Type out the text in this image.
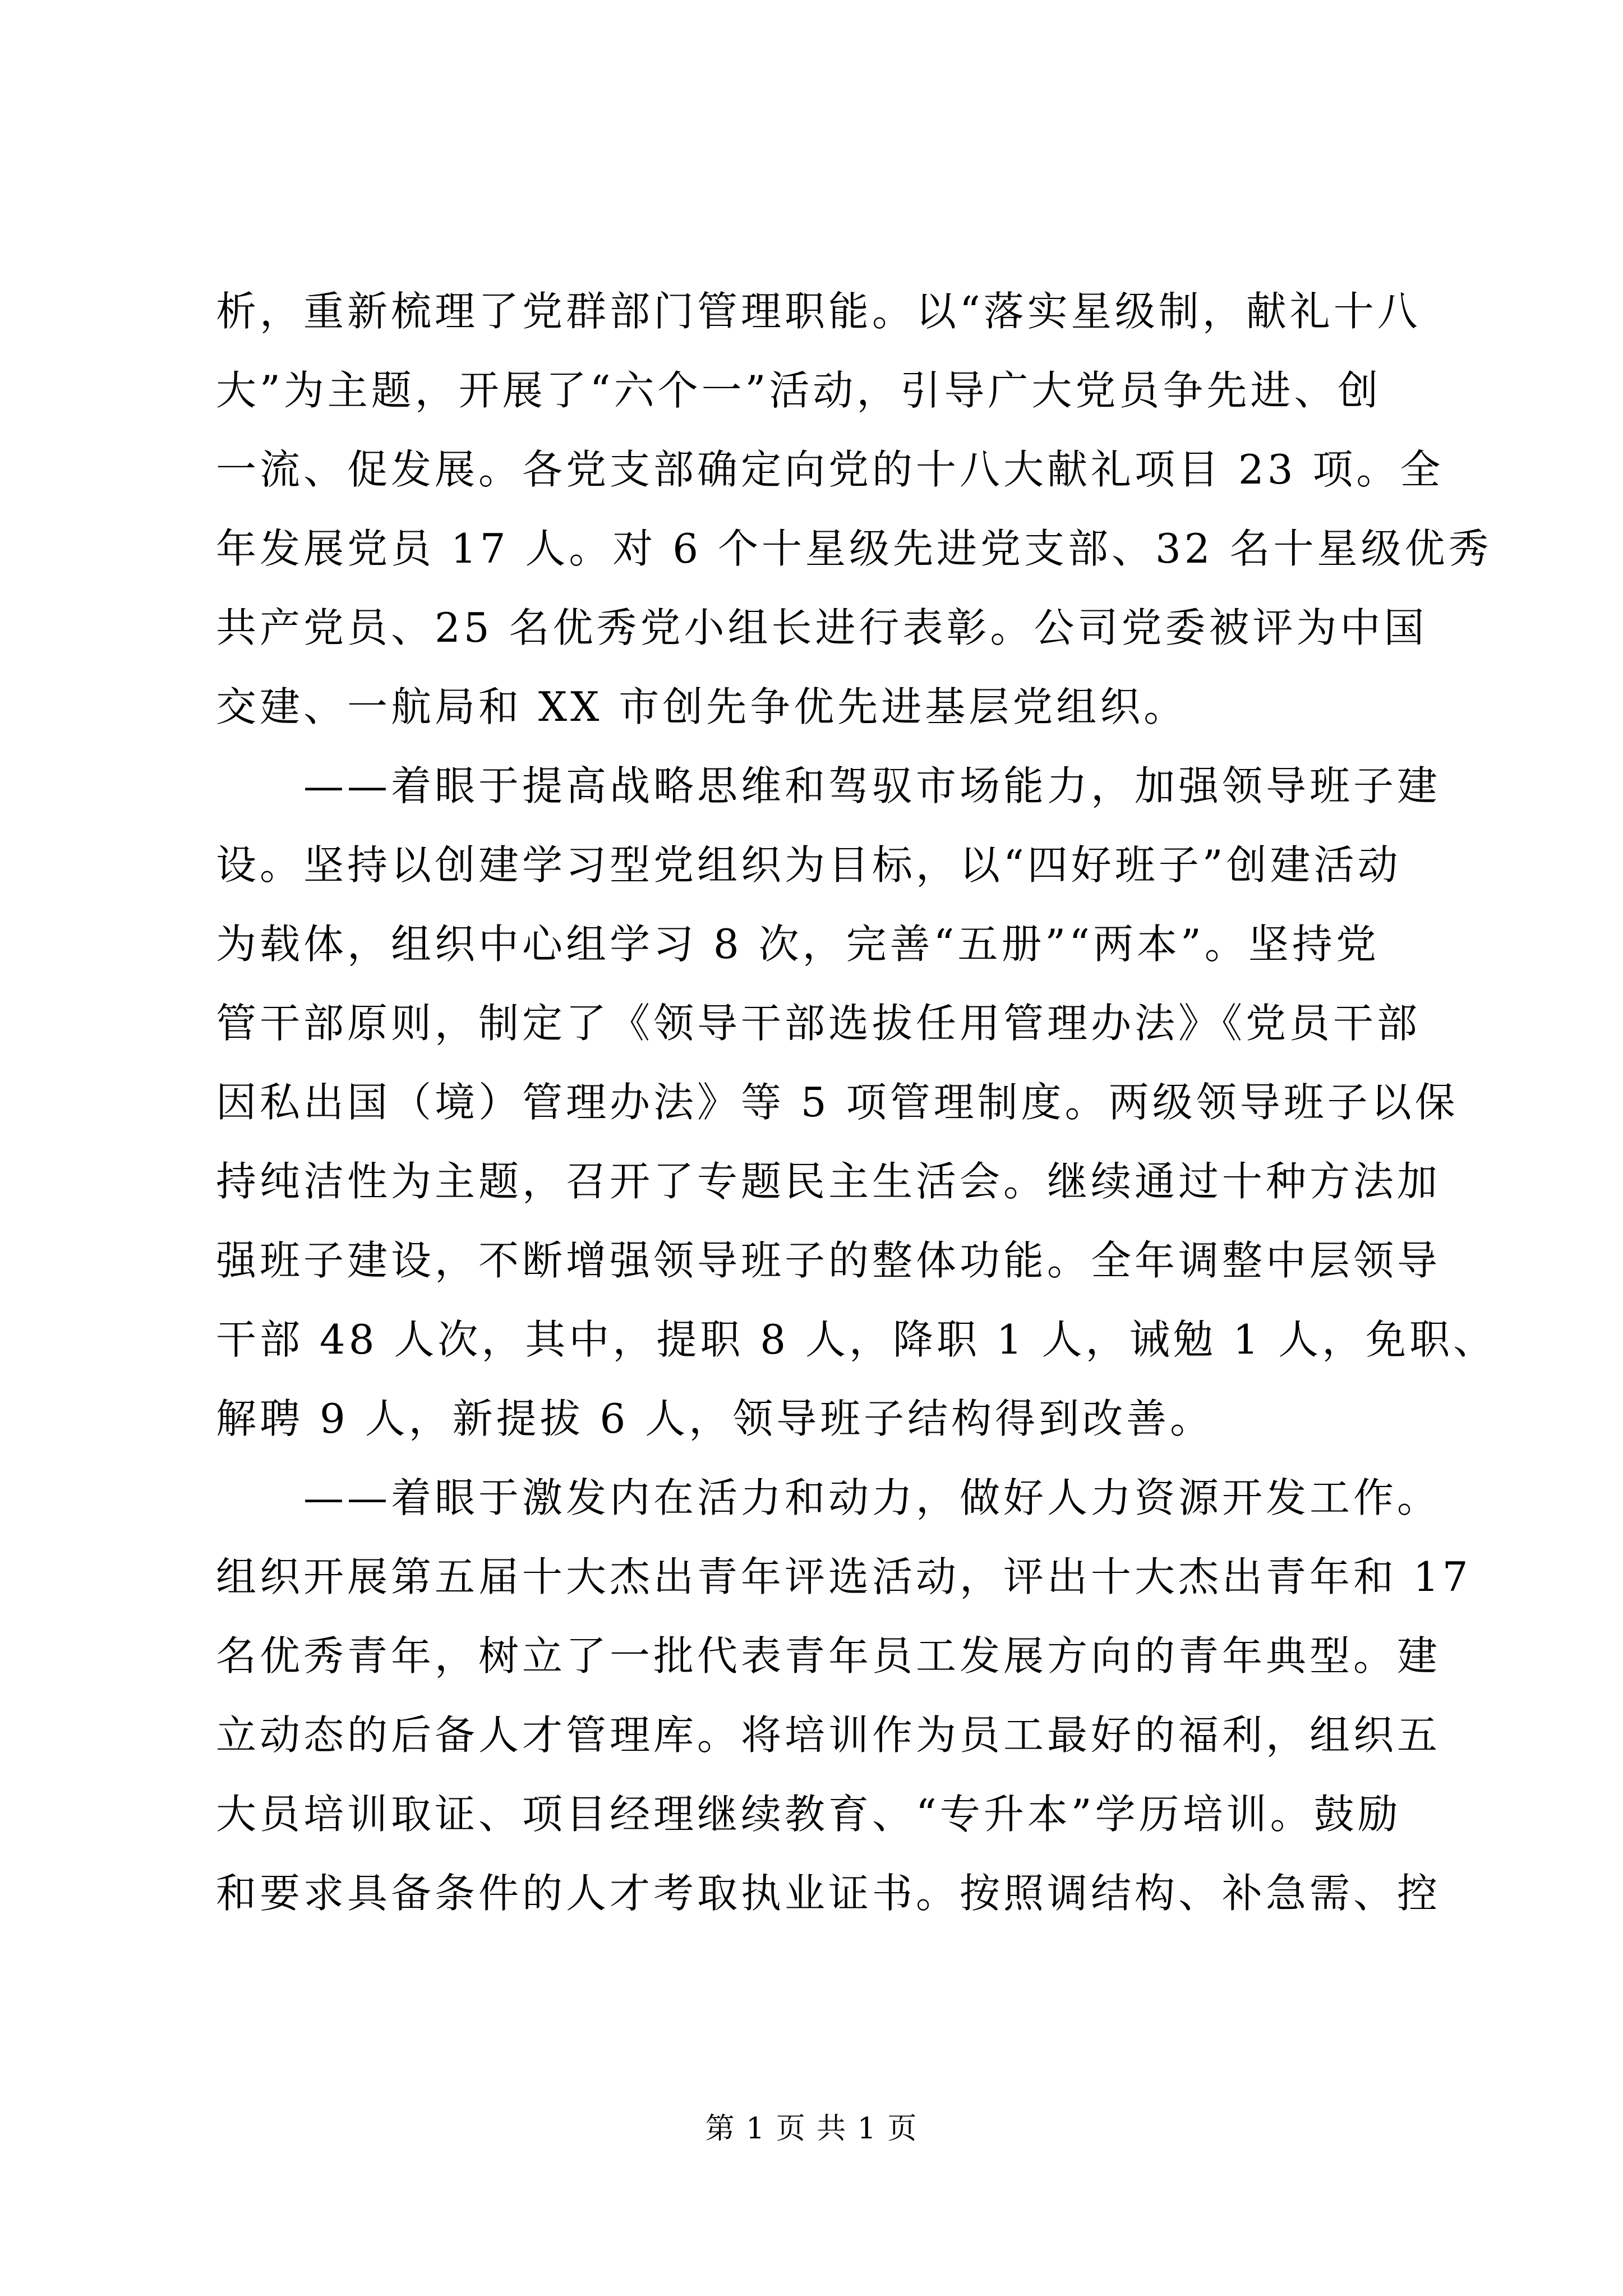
析，重新梳理了党群部门管理职能。以“落实星级制，献礼十八
大”为主题，开展了“六个一”活动，引导广大党员争先进、创
一流、促发展。各党支部确定向党的十八大献礼项目 23 项。全
年发展党员 17 人。对 6 个十星级先进党支部、32 名十星级优秀
共产党员、25 名优秀党小组长进行表彰。公司党委被评为中国
交建、一航局和 XX 市创先争优先进基层党组织。
　　——着眼于提高战略思维和驾驭市场能力，加强领导班子建
设。坚持以创建学习型党组织为目标，以“四好班子”创建活动
为载体，组织中心组学习 8 次，完善“五册”“两本”。坚持党
管干部原则，制定了《领导干部选拔任用管理办法》《党员干部
因私出国（境）管理办法》等 5 项管理制度。两级领导班子以保
持纯洁性为主题，召开了专题民主生活会。继续通过十种方法加
强班子建设，不断增强领导班子的整体功能。全年调整中层领导
干部 48 人次，其中，提职 8 人，降职 1 人，诫勉 1 人，免职、
解聘 9 人，新提拔 6 人，领导班子结构得到改善。
　　——着眼于激发内在活力和动力，做好人力资源开发工作。
组织开展第五届十大杰出青年评选活动，评出十大杰出青年和 17
名优秀青年，树立了一批代表青年员工发展方向的青年典型。建
立动态的后备人才管理库。将培训作为员工最好的福利，组织五
大员培训取证、项目经理继续教育、“专升本”学历培训。鼓励
和要求具备条件的人才考取执业证书。按照调结构、补急需、控
第 1 页 共 1 页
